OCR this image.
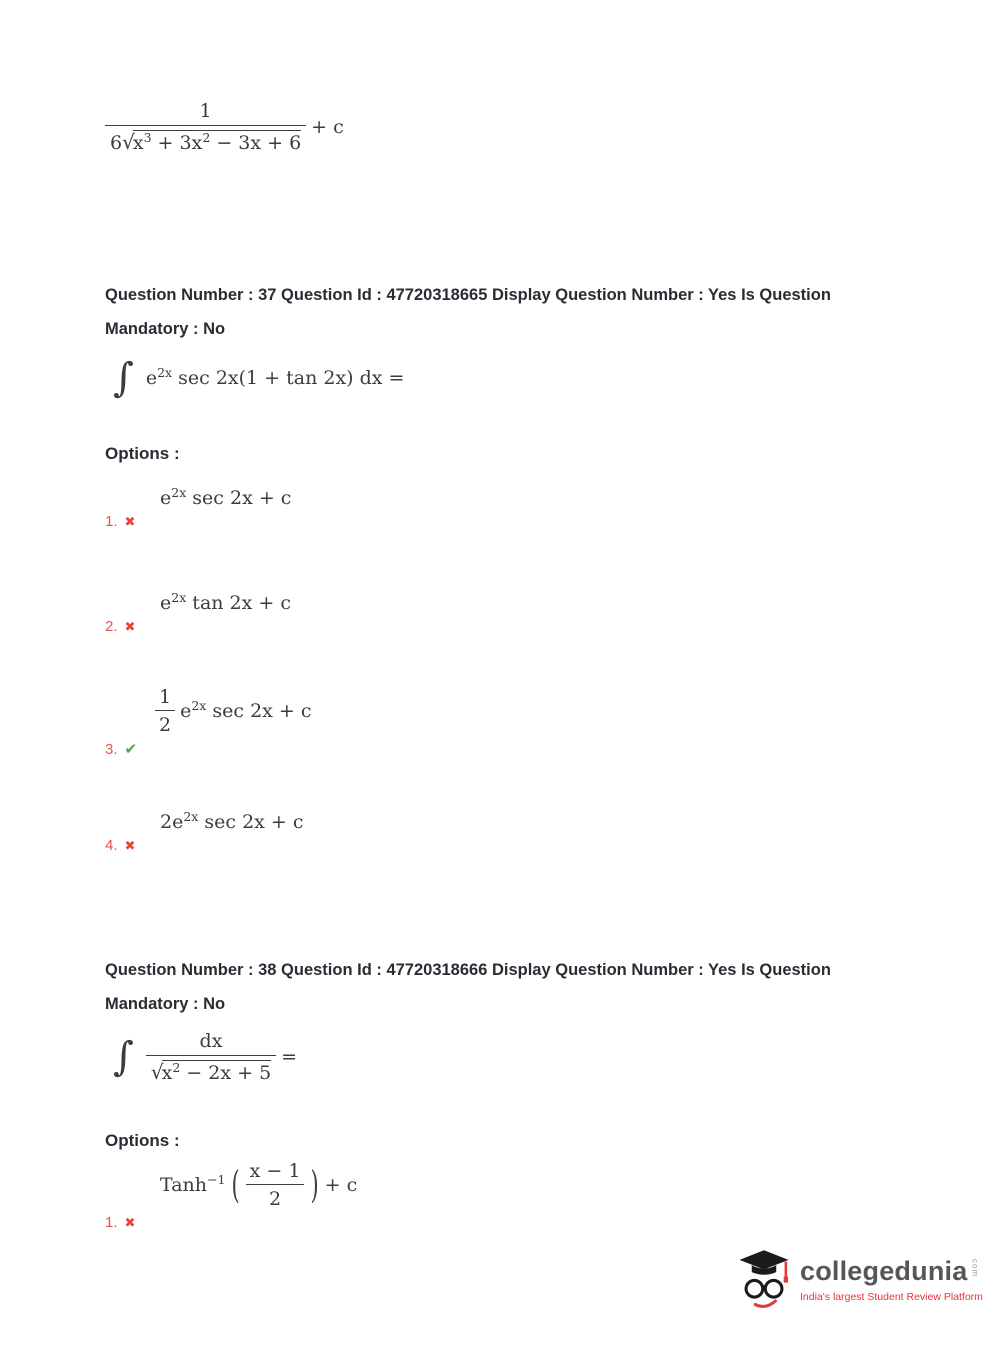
$\frac{1}{6√x^3 + 3x^2 - 3x + 6} + c$
Question Number : 37 Question Id : 47720318665 Display Question Number : Yes Is Question
Mandatory : No
∫ $e^{2x}$ sec 2x(1 + tan 2x) dx =
Options :
$e^{2x}$ sec 2x + c
1. ✖
$e^{2x}$ tan 2x + c
2. ✖
$\frac{1}{2} e^{2x}$ sec 2x + c
3. ✔
$2e^{2x}$ sec 2x + c
4. ✖
Question Number : 38 Question Id : 47720318666 Display Question Number : Yes Is Question
Mandatory : No
∫ $\frac{dx}{√x^2 - 2x + 5}$ =
Options :
Tanh$^{-1}$ ( $\frac{x - 1}{2}$ ) + c
1. ✖
collegedunia com
India's largest Student Review Platform
